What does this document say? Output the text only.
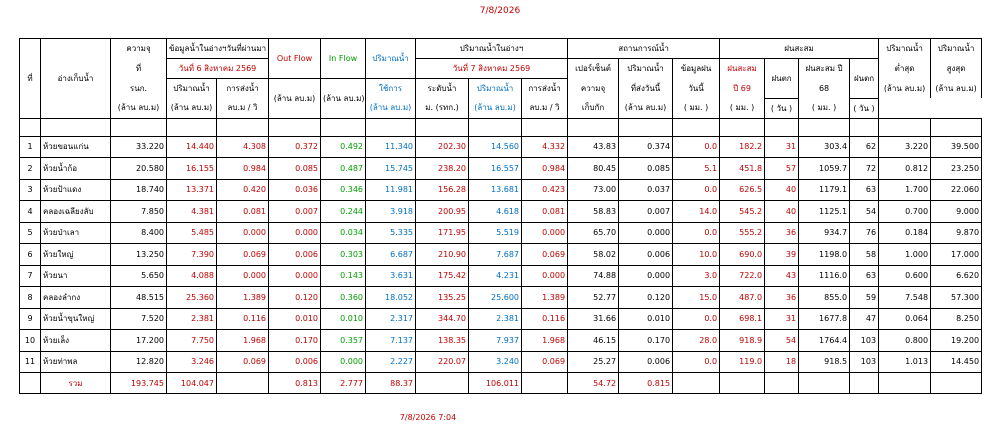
7/8/2026
ที่	อ่างเก็บน้ำ	ความจุ	ข้อมูลน้ำในอ่างฯวันที่ผ่านมา		Out Flow	In Flow	ปริมาณน้ำ	ปริมาณน้ำในอ่างฯ			สถานการณ์น้ำ			ฝนสะสม				ปริมาณน้ำ	ปริมาณน้ำ
		ที่	วันที่ 6 สิงหาคม 2569					วันที่ 7 สิงหาคม 2569			เปอร์เซ็นต์	ปริมาณน้ำ	ข้อมูลฝน	ฝนสะสม	ฝนตก	ฝนสะสม ปี	ฝนตก	ต่ำสุด	สูงสุด
		รนก.	ปริมาณน้ำ	การส่งน้ำ	(ล้าน ลบ.ม)	(ล้าน ลบ.ม)	ใช้การ	ระดับน้ำ	ปริมาณน้ำ	การส่งน้ำ	ความจุ	ที่ส่งวันนี้	วันนี้	ปี 69		68		(ล้าน ลบ.ม)	(ล้าน ลบ.ม)
		(ล้าน ลบ.ม)	(ล้าน ลบ.ม)	ลบ.ม / วิ			(ล้าน ลบ.ม)	ม. (รทก.)	(ล้าน ลบ.ม)	ลบ.ม / วิ	เก็บกัก	(ล้าน ลบ.ม)	( มม. )	( มม. )	( วัน )	( มม. )	( วัน )		

1	ห้วยขอนแก่น	33.220	14.440	4.308	0.372	0.492	11.340	202.30	14.560	4.332	43.83	0.374	0.0	182.2	31	303.4	62	3.220	39.500
2	ห้วยน้ำก้อ	20.580	16.155	0.984	0.085	0.487	15.745	238.20	16.557	0.984	80.45	0.085	5.1	451.8	57	1059.7	72	0.812	23.250
3	ห้วยป้าแดง	18.740	13.371	0.420	0.036	0.346	11.981	156.28	13.681	0.423	73.00	0.037	0.0	626.5	40	1179.1	63	1.700	22.060
4	คลองเฉลียงลับ	7.850	4.381	0.081	0.007	0.244	3.918	200.95	4.618	0.081	58.83	0.007	14.0	545.2	40	1125.1	54	0.700	9.000
5	ห้วยป่าเลา	8.400	5.485	0.000	0.000	0.034	5.335	171.95	5.519	0.000	65.70	0.000	0.0	555.2	36	934.7	76	0.184	9.870
6	ห้วยใหญ่	13.250	7.390	0.069	0.006	0.303	6.687	210.90	7.687	0.069	58.02	0.006	10.0	690.0	39	1198.0	58	1.000	17.000
7	ห้วยนา	5.650	4.088	0.000	0.000	0.143	3.631	175.42	4.231	0.000	74.88	0.000	3.0	722.0	43	1116.0	63	0.600	6.620
8	คลองลำกง	48.515	25.360	1.389	0.120	0.360	18.052	135.25	25.600	1.389	52.77	0.120	15.0	487.0	36	855.0	59	7.548	57.300
9	ห้วยน้ำขุนใหญ่	7.520	2.381	0.116	0.010	0.010	2.317	344.70	2.381	0.116	31.66	0.010	0.0	698.1	31	1677.8	47	0.064	8.250
10	ห้วยเล็ง	17.200	7.750	1.968	0.170	0.357	7.137	138.35	7.937	1.968	46.15	0.170	28.0	918.9	54	1764.4	103	0.800	19.200
11	ห้วยท่าพล	12.820	3.246	0.069	0.006	0.000	2.227	220.07	3.240	0.069	25.27	0.006	0.0	119.0	18	918.5	103	1.013	14.450
	รวม	193.745	104.047		0.813	2.777	88.37		106.011		54.72	0.815							
7/8/2026 7:04
